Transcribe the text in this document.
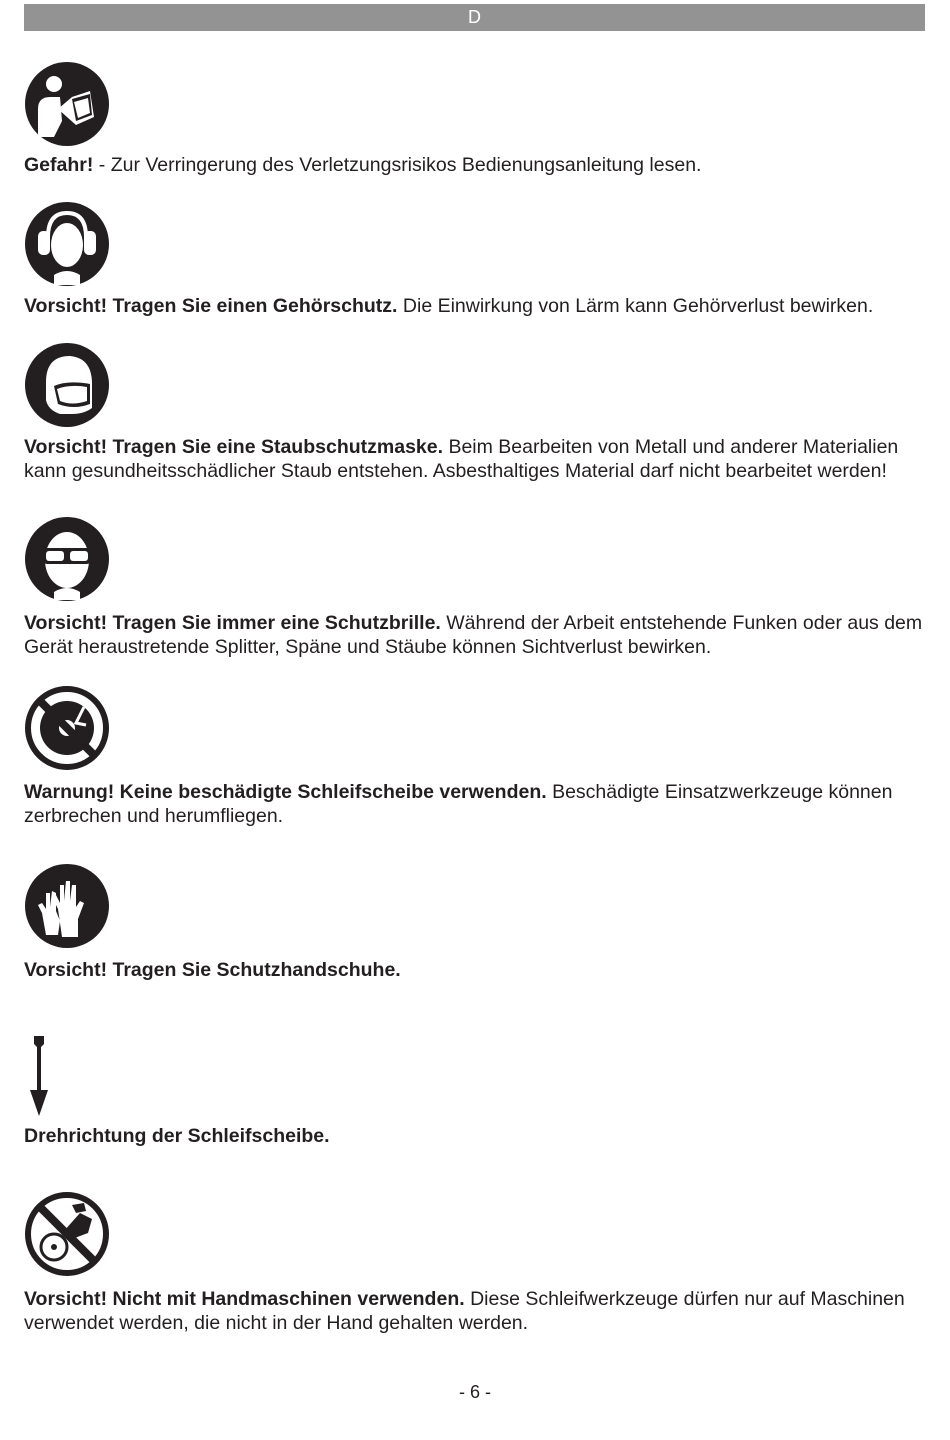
D
Gefahr! - Zur Verringerung des Verletzungsrisikos Bedienungsanleitung lesen.
Vorsicht! Tragen Sie einen Gehörschutz. Die Einwirkung von Lärm kann Gehörverlust bewirken.
Vorsicht! Tragen Sie eine Staubschutzmaske. Beim Bearbeiten von Metall und anderer Materialien kann gesundheitsschädlicher Staub entstehen. Asbesthaltiges Material darf nicht bearbeitet werden!
Vorsicht! Tragen Sie immer eine Schutzbrille. Während der Arbeit entstehende Funken oder aus dem Gerät heraustretende Splitter, Späne und Stäube können Sichtverlust bewirken.
Warnung! Keine beschädigte Schleifscheibe verwenden. Beschädigte Einsatzwerkzeuge können zerbrechen und herumfliegen.
Vorsicht! Tragen Sie Schutzhandschuhe.
Drehrichtung der Schleifscheibe.
Vorsicht! Nicht mit Handmaschinen verwenden. Diese Schleifwerkzeuge dürfen nur auf Maschinen verwendet werden, die nicht in der Hand gehalten werden.
- 6 -
